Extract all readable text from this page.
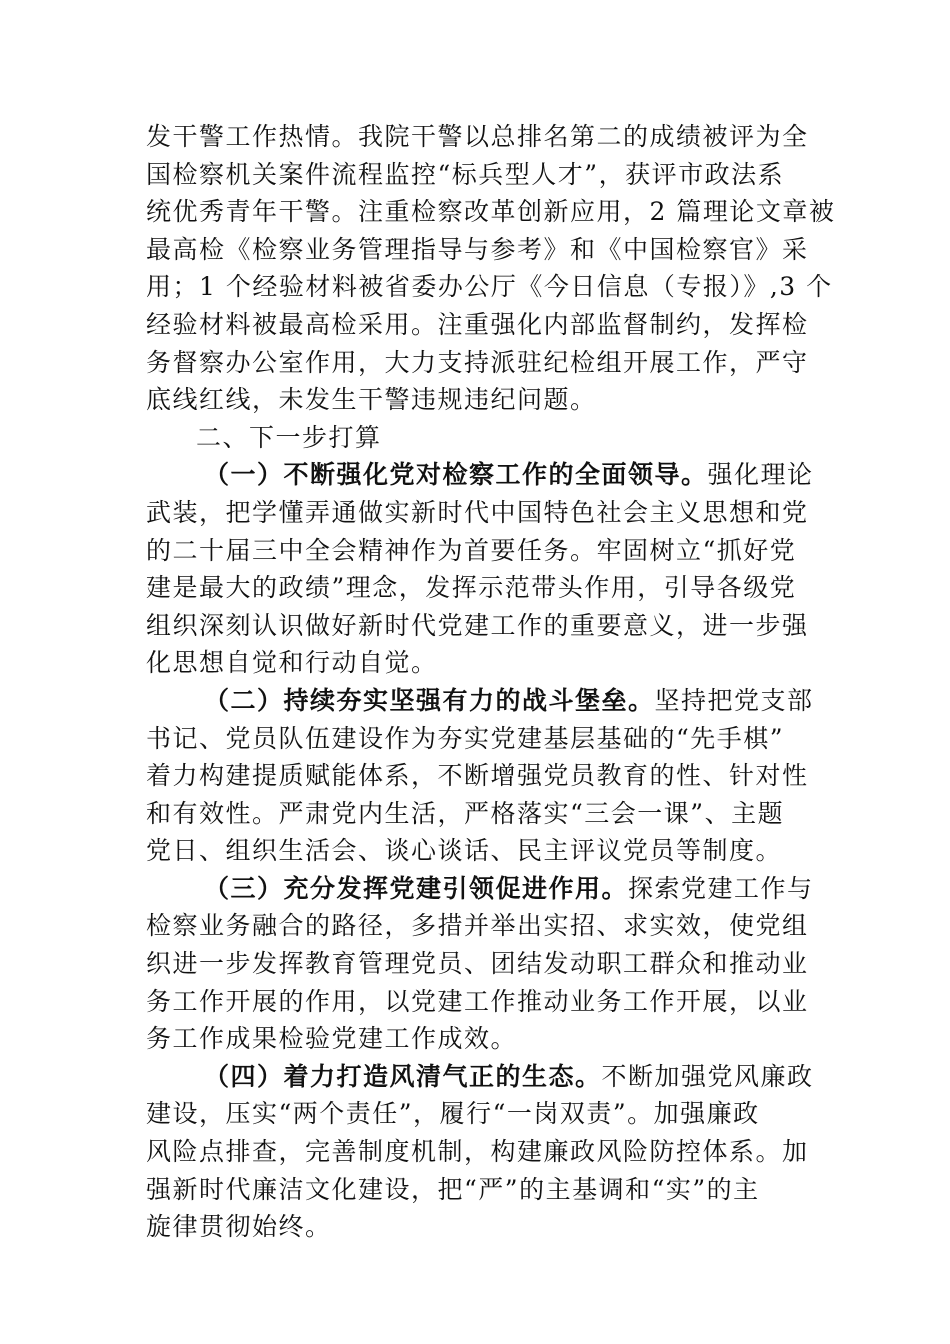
发干警工作热情。我院干警以总排名第二的成绩被评为全
国检察机关案件流程监控“标兵型人才”，获评市政法系
统优秀青年干警。注重检察改革创新应用，2 篇理论文章被
最高检《检察业务管理指导与参考》和《中国检察官》采
用；1 个经验材料被省委办公厅《今日信息（专报）》,3 个
经验材料被最高检采用。注重强化内部监督制约，发挥检
务督察办公室作用，大力支持派驻纪检组开展工作，严守
底线红线，未发生干警违规违纪问题。

二、下一步打算

（一）不断强化党对检察工作的全面领导。强化理论
武装，把学懂弄通做实新时代中国特色社会主义思想和党
的二十届三中全会精神作为首要任务。牢固树立“抓好党
建是最大的政绩”理念，发挥示范带头作用，引导各级党
组织深刻认识做好新时代党建工作的重要意义，进一步强
化思想自觉和行动自觉。

（二）持续夯实坚强有力的战斗堡垒。坚持把党支部
书记、党员队伍建设作为夯实党建基层基础的“先手棋”
着力构建提质赋能体系，不断增强党员教育的性、针对性
和有效性。严肃党内生活，严格落实“三会一课”、主题
党日、组织生活会、谈心谈话、民主评议党员等制度。

（三）充分发挥党建引领促进作用。探索党建工作与
检察业务融合的路径，多措并举出实招、求实效，使党组
织进一步发挥教育管理党员、团结发动职工群众和推动业
务工作开展的作用，以党建工作推动业务工作开展，以业
务工作成果检验党建工作成效。

（四）着力打造风清气正的生态。不断加强党风廉政
建设，压实“两个责任”，履行“一岗双责”。加强廉政
风险点排查，完善制度机制，构建廉政风险防控体系。加
强新时代廉洁文化建设，把“严”的主基调和“实”的主
旋律贯彻始终。
